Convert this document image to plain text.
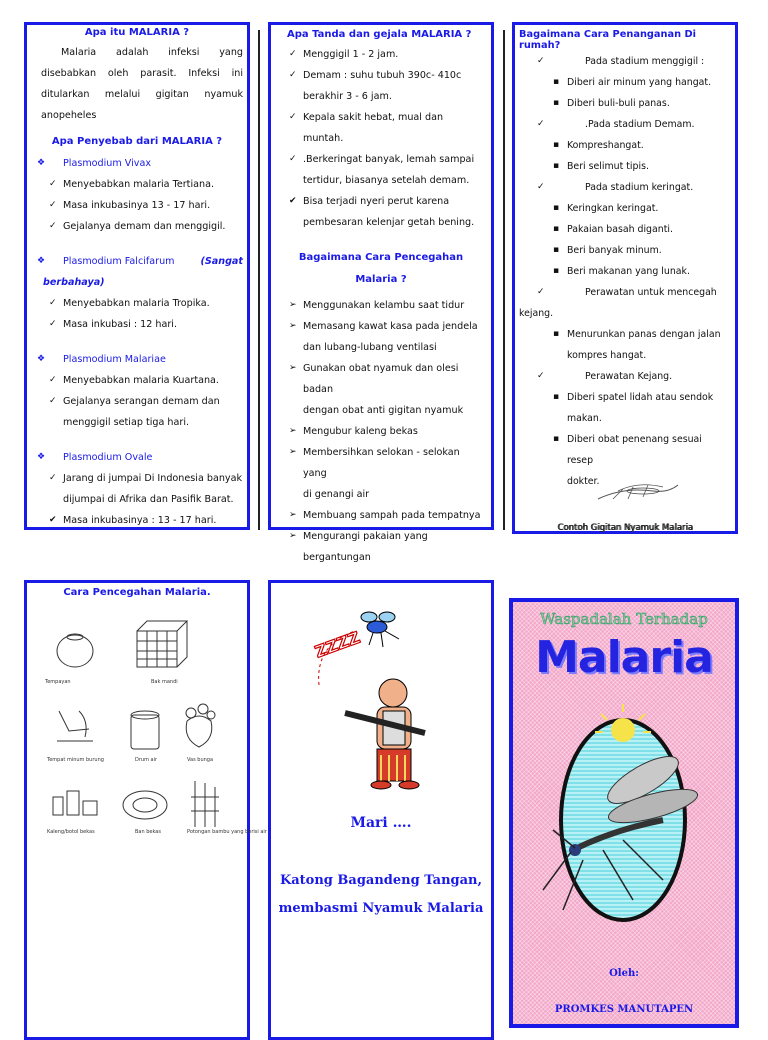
Apa itu MALARIA ?
Malaria adalah infeksi yang
disebabkan oleh parasit. Infeksi ini
ditularkan melalui gigitan nyamuk anopeheles
Apa Penyebab dari MALARIA ?
❖ Plasmodium Vivax
✓ Menyebabkan malaria Tertiana.
✓ Masa inkubasinya 13 - 17 hari.
✓ Gejalanya demam dan menggigil.
❖	Plasmodium Falcifarum	(Sangat
berbahaya)
✓ Menyebabkan malaria Tropika.
✓ Masa inkubasi : 12 hari.
❖ Plasmodium Malariae
✓ Menyebabkan malaria Kuartana.
✓ Gejalanya serangan demam dan
menggigil setiap tiga hari.
❖ Plasmodium Ovale
✓ Jarang di jumpai Di Indonesia banyak
dijumpai di Afrika dan Pasifik Barat.
✔ Masa inkubasinya : 13 - 17 hari.
Apa Tanda dan gejala MALARIA ?
✓ Menggigil 1 - 2 jam.
✓ Demam : suhu tubuh 390c- 410c
berakhir 3 - 6 jam.
✓ Kepala sakit hebat, mual dan muntah.
✓ .Berkeringat banyak, lemah sampai
tertidur, biasanya setelah demam.
✔ Bisa terjadi nyeri perut karena
pembesaran kelenjar getah bening.
Bagaimana Cara Pencegahan
Malaria ?
➢ Menggunakan kelambu saat tidur
➢ Memasang kawat kasa pada jendela
dan lubang-lubang ventilasi
➢ Gunakan obat nyamuk dan olesi badan
dengan obat anti gigitan nyamuk
➢ Mengubur kaleng bekas
➢ Membersihkan selokan - selokan yang
di genangi air
➢ Membuang sampah pada tempatnya
➢ Mengurangi pakaian yang
bergantungan
Bagaimana Cara Penanganan Di rumah?
✓	Pada stadium menggigil :
▪ Diberi air minum yang hangat.
▪ Diberi buli-buli panas.
✓	.Pada stadium Demam.
▪ Kompreshangat.
▪ Beri selimut tipis.
✓	Pada stadium keringat.
▪ Keringkan keringat.
▪ Pakaian basah diganti.
▪ Beri banyak minum.
▪ Beri makanan yang lunak.
✓	Perawatan untuk mencegah
kejang.
▪ Menurunkan panas dengan jalan
kompres hangat.
✓	Perawatan Kejang.
▪ Diberi spatel lidah atau sendok
makan.
▪ Diberi obat penenang sesuai resep
dokter.
Contoh Gigitan Nyamuk Malaria
Cara Pencegahan Malaria.
Tempayan	Bak mandi
Tempat minum burung	Drum air	Vas bunga
Kaleng/botol bekas	Ban bekas	Potongan bambu yang berisi air
ZZZZ
Mari ….
Katong Bagandeng Tangan,
membasmi Nyamuk Malaria
Waspadalah Terhadap
Malaria
Oleh:
PROMKES MANUTAPEN
